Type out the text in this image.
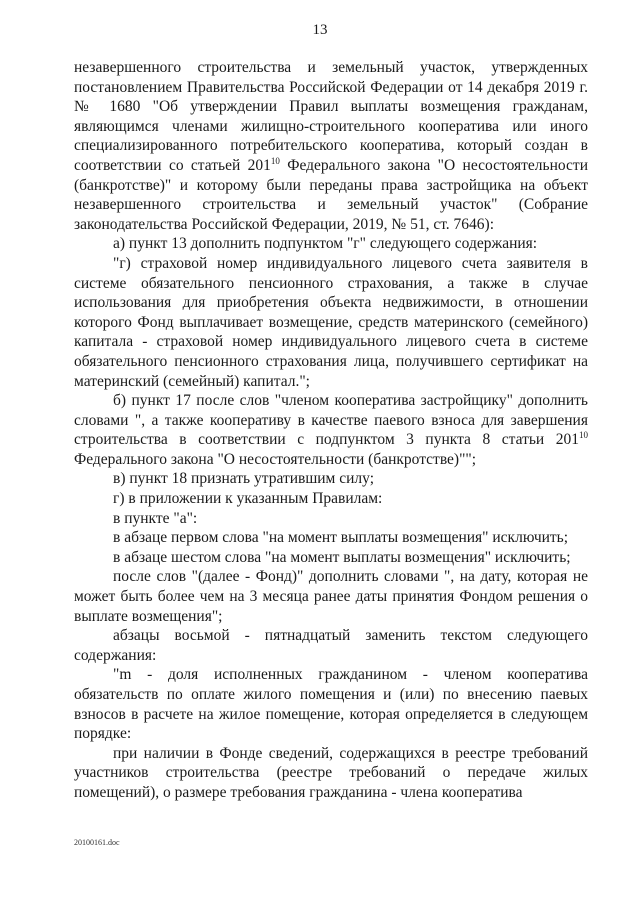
13

незавершенного строительства и земельный участок, утвержденных постановлением Правительства Российской Федерации от 14 декабря 2019 г. № 1680 "Об утверждении Правил выплаты возмещения гражданам, являющимся членами жилищно-строительного кооператива или иного специализированного потребительского кооператива, который создан в соответствии со статьей $201^{10}$ Федерального закона "О несостоятельности (банкротстве)" и которому были переданы права застройщика на объект незавершенного строительства и земельный участок" (Собрание законодательства Российской Федерации, 2019, № 51, ст. 7646):

а) пункт 13 дополнить подпунктом "г" следующего содержания:

"г) страховой номер индивидуального лицевого счета заявителя в системе обязательного пенсионного страхования, а также в случае использования для приобретения объекта недвижимости, в отношении которого Фонд выплачивает возмещение, средств материнского (семейного) капитала - страховой номер индивидуального лицевого счета в системе обязательного пенсионного страхования лица, получившего сертификат на материнский (семейный) капитал.";

б) пункт 17 после слов "членом кооператива застройщику" дополнить словами ", а также кооперативу в качестве паевого взноса для завершения строительства в соответствии с подпунктом 3 пункта 8 статьи $201^{10}$ Федерального закона "О несостоятельности (банкротстве)"";

в) пункт 18 признать утратившим силу;

г) в приложении к указанным Правилам:

в пункте "а":

в абзаце первом слова "на момент выплаты возмещения" исключить;

в абзаце шестом слова "на момент выплаты возмещения" исключить;

после слов "(далее - Фонд)" дополнить словами ", на дату, которая не может быть более чем на 3 месяца ранее даты принятия Фондом решения о выплате возмещения";

абзацы восьмой - пятнадцатый заменить текстом следующего содержания:

"m - доля исполненных гражданином - членом кооператива обязательств по оплате жилого помещения и (или) по внесению паевых взносов в расчете на жилое помещение, которая определяется в следующем порядке:

при наличии в Фонде сведений, содержащихся в реестре требований участников строительства (реестре требований о передаче жилых помещений), о размере требования гражданина - члена кооператива

20100161.doc
